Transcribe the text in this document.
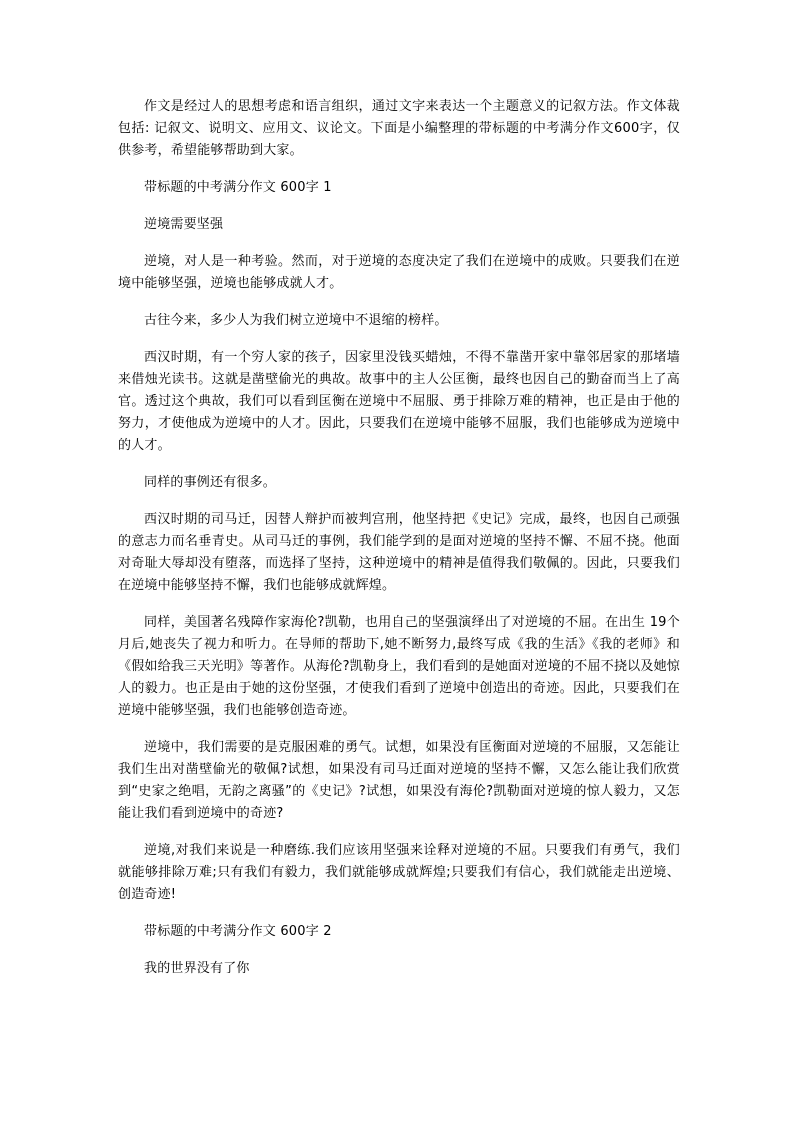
作文是经过人的思想考虑和语言组织，通过文字来表达一个主题意义的记叙方法。作文体裁包括: 记叙文、说明文、应用文、议论文。下面是小编整理的带标题的中考满分作文600字，仅供参考，希望能够帮助到大家。

带标题的中考满分作文 600字 1

逆境需要坚强

逆境，对人是一种考验。然而，对于逆境的态度决定了我们在逆境中的成败。只要我们在逆境中能够坚强，逆境也能够成就人才。

古往今来，多少人为我们树立逆境中不退缩的榜样。

西汉时期，有一个穷人家的孩子，因家里没钱买蜡烛，不得不靠凿开家中靠邻居家的那堵墙来借烛光读书。这就是凿壁偷光的典故。故事中的主人公匡衡，最终也因自己的勤奋而当上了高官。透过这个典故，我们可以看到匡衡在逆境中不屈服、勇于排除万难的精神，也正是由于他的努力，才使他成为逆境中的人才。因此，只要我们在逆境中能够不屈服，我们也能够成为逆境中的人才。

同样的事例还有很多。

西汉时期的司马迁，因替人辩护而被判宫刑，他坚持把《史记》完成，最终，也因自己顽强的意志力而名垂青史。从司马迁的事例，我们能学到的是面对逆境的坚持不懈、不屈不挠。他面对奇耻大辱却没有堕落，而选择了坚持，这种逆境中的精神是值得我们敬佩的。因此，只要我们在逆境中能够坚持不懈，我们也能够成就辉煌。

同样，美国著名残障作家海伦?凯勒，也用自己的坚强演绎出了对逆境的不屈。在出生 19个月后,她丧失了视力和听力。在导师的帮助下,她不断努力,最终写成《我的生活》《我的老师》和《假如给我三天光明》等著作。从海伦?凯勒身上，我们看到的是她面对逆境的不屈不挠以及她惊人的毅力。也正是由于她的这份坚强，才使我们看到了逆境中创造出的奇迹。因此，只要我们在逆境中能够坚强，我们也能够创造奇迹。

逆境中，我们需要的是克服困难的勇气。试想，如果没有匡衡面对逆境的不屈服，又怎能让我们生出对凿壁偷光的敬佩?试想，如果没有司马迁面对逆境的坚持不懈，又怎么能让我们欣赏到“史家之绝唱，无韵之离骚”的《史记》?试想，如果没有海伦?凯勒面对逆境的惊人毅力，又怎能让我们看到逆境中的奇迹?

逆境,对我们来说是一种磨练.我们应该用坚强来诠释对逆境的不屈。只要我们有勇气，我们就能够排除万难;只有我们有毅力，我们就能够成就辉煌;只要我们有信心，我们就能走出逆境、创造奇迹!

带标题的中考满分作文 600字 2

我的世界没有了你
